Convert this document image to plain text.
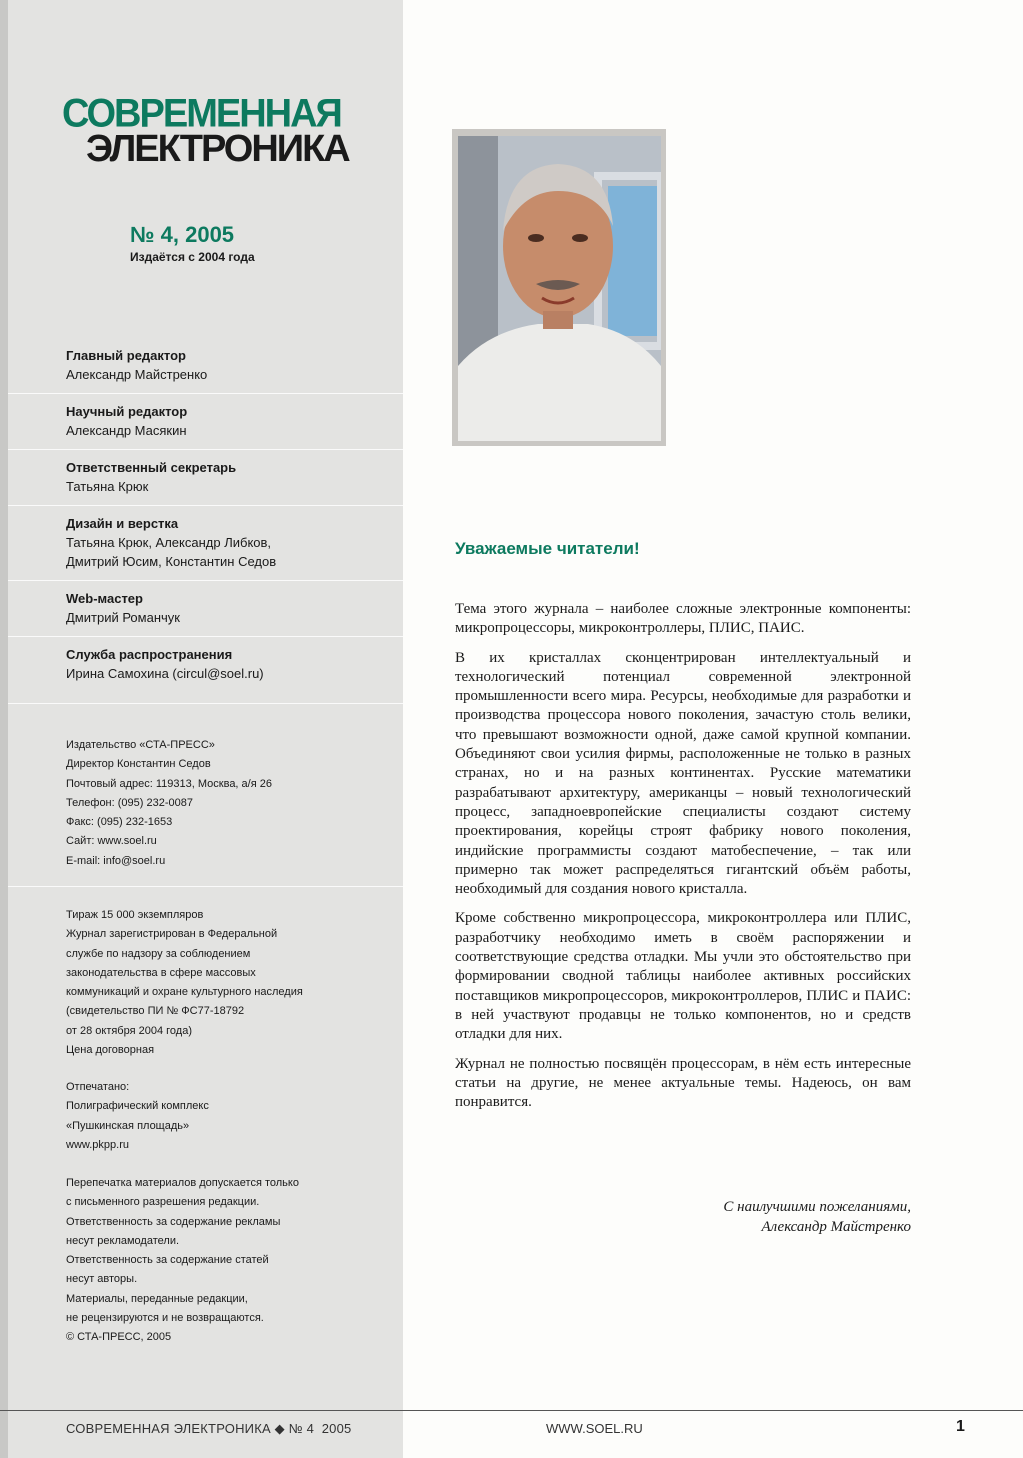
СОВРЕМЕННАЯ
ЭЛЕКТРОНИКА
№ 4, 2005
Издаётся с 2004 года
Главный редактор
Александр Майстренко
Научный редактор
Александр Масякин
Ответственный секретарь
Татьяна Крюк
Дизайн и верстка
Татьяна Крюк, Александр Либков,
Дмитрий Юсим, Константин Седов
Web-мастер
Дмитрий Романчук
Служба распространения
Ирина Самохина (circul@soel.ru)
Издательство «СТА-ПРЕСС»
Директор Константин Седов
Почтовый адрес: 119313, Москва, а/я 26
Телефон: (095) 232-0087
Факс: (095) 232-1653
Сайт: www.soel.ru
E-mail: info@soel.ru
Тираж 15 000 экземпляров
Журнал зарегистрирован в Федеральной
службе по надзору за соблюдением
законодательства в сфере массовых
коммуникаций и охране культурного наследия
(свидетельство ПИ № ФС77-18792
от 28 октября 2004 года)
Цена договорная
Отпечатано:
Полиграфический комплекс
«Пушкинская площадь»
www.pkpp.ru
Перепечатка материалов допускается только
с письменного разрешения редакции.
Ответственность за содержание рекламы
несут рекламодатели.
Ответственность за содержание статей
несут авторы.
Материалы, переданные редакции,
не рецензируются и не возвращаются.
© СТА-ПРЕСС, 2005
Уважаемые читатели!

Тема этого журнала – наиболее сложные электронные компоненты: микропроцессоры, микроконтроллеры, ПЛИС, ПАИС.

В их кристаллах сконцентрирован интеллектуальный и технологический потенциал современной электронной промышленности всего мира. Ресурсы, необходимые для разработки и производства процессора нового поколения, зачастую столь велики, что превышают возможности одной, даже самой крупной компании. Объединяют свои усилия фирмы, расположенные не только в разных странах, но и на разных континентах. Русские математики разрабатывают архитектуру, американцы – новый технологический процесс, западноевропейские специалисты создают систему проектирования, корейцы строят фабрику нового поколения, индийские программисты создают матобеспечение, – так или примерно так может распределяться гигантский объём работы, необходимый для создания нового кристалла.

Кроме собственно микропроцессора, микроконтроллера или ПЛИС, разработчику необходимо иметь в своём распоряжении и соответствующие средства отладки. Мы учли это обстоятельство при формировании сводной таблицы наиболее активных российских поставщиков микропроцессоров, микроконтроллеров, ПЛИС и ПАИС: в ней участвуют продавцы не только компонентов, но и средств отладки для них.

Журнал не полностью посвящён процессорам, в нём есть интересные статьи на другие, не менее актуальные темы. Надеюсь, он вам понравится.

С наилучшими пожеланиями,
Александр Майстренко
СОВРЕМЕННАЯ ЭЛЕКТРОНИКА ◆ № 4  2005	WWW.SOEL.RU	1
